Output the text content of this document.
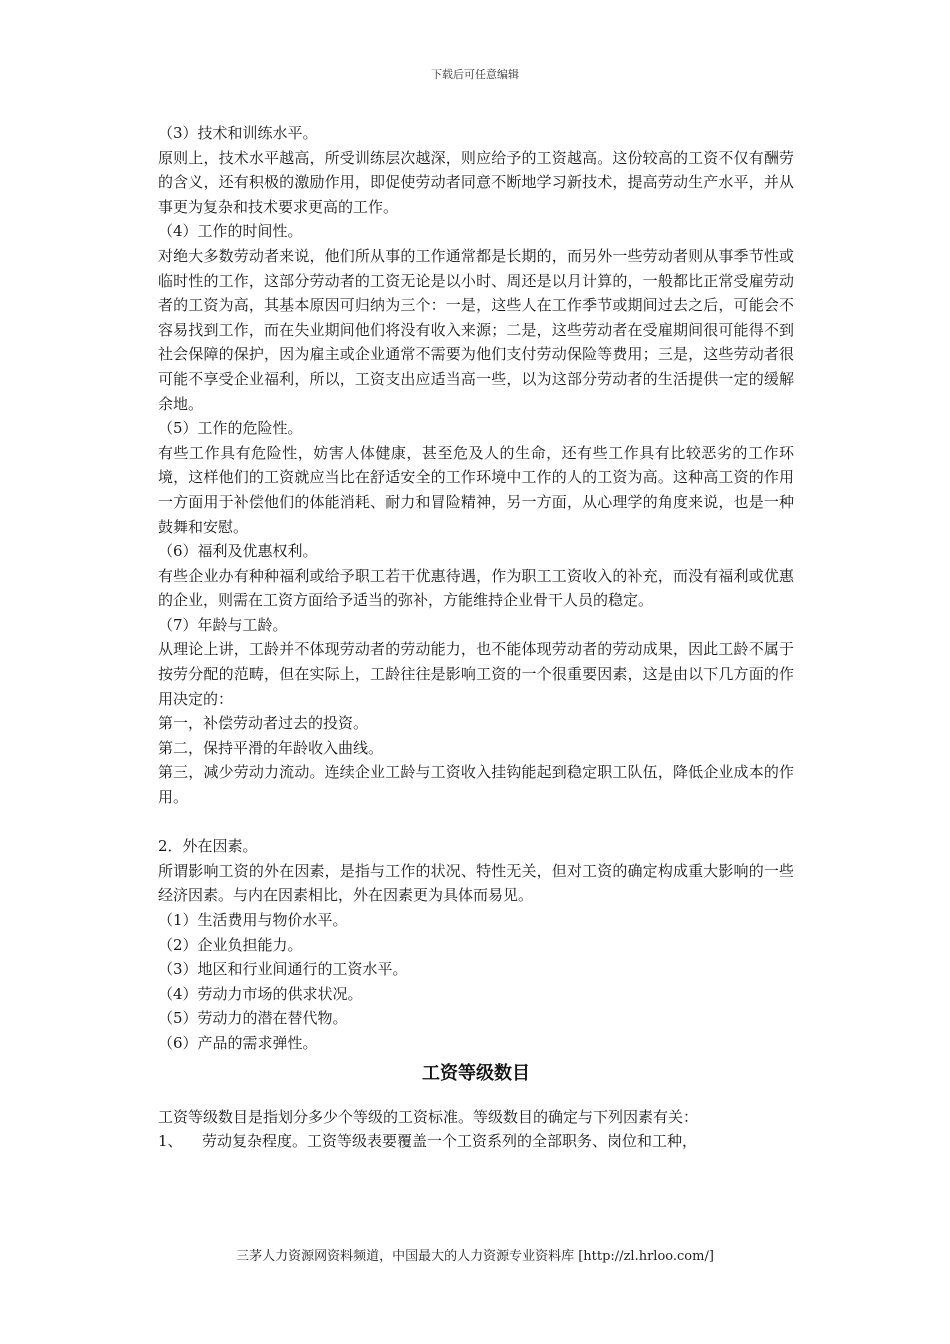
下载后可任意编辑

（3）技术和训练水平。

原则上，技术水平越高，所受训练层次越深，则应给予的工资越高。这份较高的工资不仅有酬劳的含义，还有积极的激励作用，即促使劳动者同意不断地学习新技术，提高劳动生产水平，并从事更为复杂和技术要求更高的工作。

（4）工作的时间性。

对绝大多数劳动者来说，他们所从事的工作通常都是长期的，而另外一些劳动者则从事季节性或临时性的工作，这部分劳动者的工资无论是以小时、周还是以月计算的，一般都比正常受雇劳动者的工资为高，其基本原因可归纳为三个：一是，这些人在工作季节或期间过去之后，可能会不容易找到工作，而在失业期间他们将没有收入来源；二是，这些劳动者在受雇期间很可能得不到社会保障的保护，因为雇主或企业通常不需要为他们支付劳动保险等费用；三是，这些劳动者很可能不享受企业福利，所以，工资支出应适当高一些，以为这部分劳动者的生活提供一定的缓解余地。

（5）工作的危险性。

有些工作具有危险性，妨害人体健康，甚至危及人的生命，还有些工作具有比较恶劣的工作环境，这样他们的工资就应当比在舒适安全的工作环境中工作的人的工资为高。这种高工资的作用一方面用于补偿他们的体能消耗、耐力和冒险精神，另一方面，从心理学的角度来说，也是一种鼓舞和安慰。

（6）福利及优惠权利。

有些企业办有种种福利或给予职工若干优惠待遇，作为职工工资收入的补充，而没有福利或优惠的企业，则需在工资方面给予适当的弥补，方能维持企业骨干人员的稳定。

（7）年龄与工龄。

从理论上讲，工龄并不体现劳动者的劳动能力，也不能体现劳动者的劳动成果，因此工龄不属于按劳分配的范畴，但在实际上，工龄往往是影响工资的一个很重要因素，这是由以下几方面的作用决定的：

第一，补偿劳动者过去的投资。

第二，保持平滑的年龄收入曲线。

第三，减少劳动力流动。连续企业工龄与工资收入挂钩能起到稳定职工队伍，降低企业成本的作用。

2．外在因素。

所谓影响工资的外在因素，是指与工作的状况、特性无关，但对工资的确定构成重大影响的一些经济因素。与内在因素相比，外在因素更为具体而易见。

（1）生活费用与物价水平。

（2）企业负担能力。

（3）地区和行业间通行的工资水平。

（4）劳动力市场的供求状况。

（5）劳动力的潜在替代物。

（6）产品的需求弹性。

工资等级数目

工资等级数目是指划分多少个等级的工资标准。等级数目的确定与下列因素有关：

1、 劳动复杂程度。工资等级表要覆盖一个工资系列的全部职务、岗位和工种，

三茅人力资源网资料频道，中国最大的人力资源专业资料库 [http://zl.hrloo.com/]
